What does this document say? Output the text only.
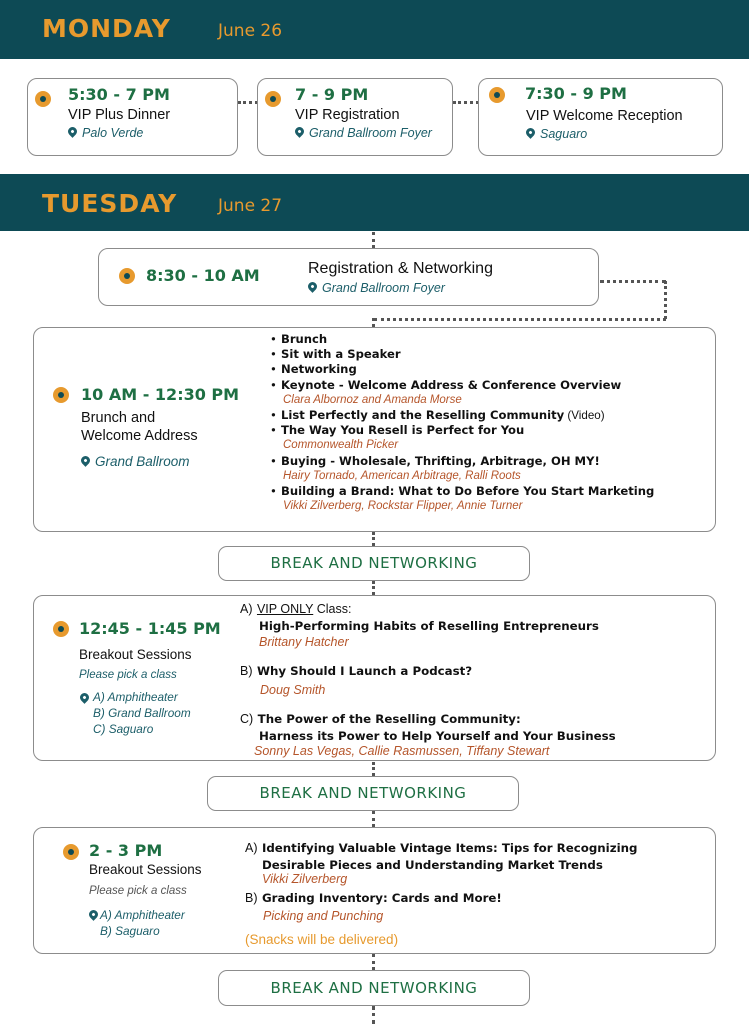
MONDAY	June 26
5:30 - 7 PM
VIP Plus Dinner
Palo Verde
7 - 9 PM
VIP Registration
Grand Ballroom Foyer
7:30 - 9 PM
VIP Welcome Reception
Saguaro
TUESDAY June 27
8:30 - 10 AM	Registration & Networking
Grand Ballroom Foyer
10 AM - 12:30 PM
Brunch and
Welcome Address
Grand Ballroom
• Brunch
• Sit with a Speaker
• Networking
• Keynote - Welcome Address & Conference Overview
Clara Albornoz and Amanda Morse
• List Perfectly and the Reselling Community (Video)
• The Way You Resell is Perfect for You
Commonwealth Picker
• Buying - Wholesale, Thrifting, Arbitrage, OH MY!
Hairy Tornado, American Arbitrage, Ralli Roots
• Building a Brand: What to Do Before You Start Marketing
Vikki Zilverberg, Rockstar Flipper, Annie Turner
BREAK AND NETWORKING
12:45 - 1:45 PM
Breakout Sessions
Please pick a class
A) Amphitheater
B) Grand Ballroom
C) Saguaro
A) VIP ONLY Class:
High-Performing Habits of Reselling Entrepreneurs
Brittany Hatcher
B) Why Should I Launch a Podcast?
Doug Smith
C) The Power of the Reselling Community:
Harness its Power to Help Yourself and Your Business
Sonny Las Vegas, Callie Rasmussen, Tiffany Stewart
BREAK AND NETWORKING
2 - 3 PM
Breakout Sessions
Please pick a class
A) Amphitheater
B) Saguaro
A) Identifying Valuable Vintage Items: Tips for Recognizing
Desirable Pieces and Understanding Market Trends
Vikki Zilverberg
B) Grading Inventory: Cards and More!
Picking and Punching
(Snacks will be delivered)
BREAK AND NETWORKING
